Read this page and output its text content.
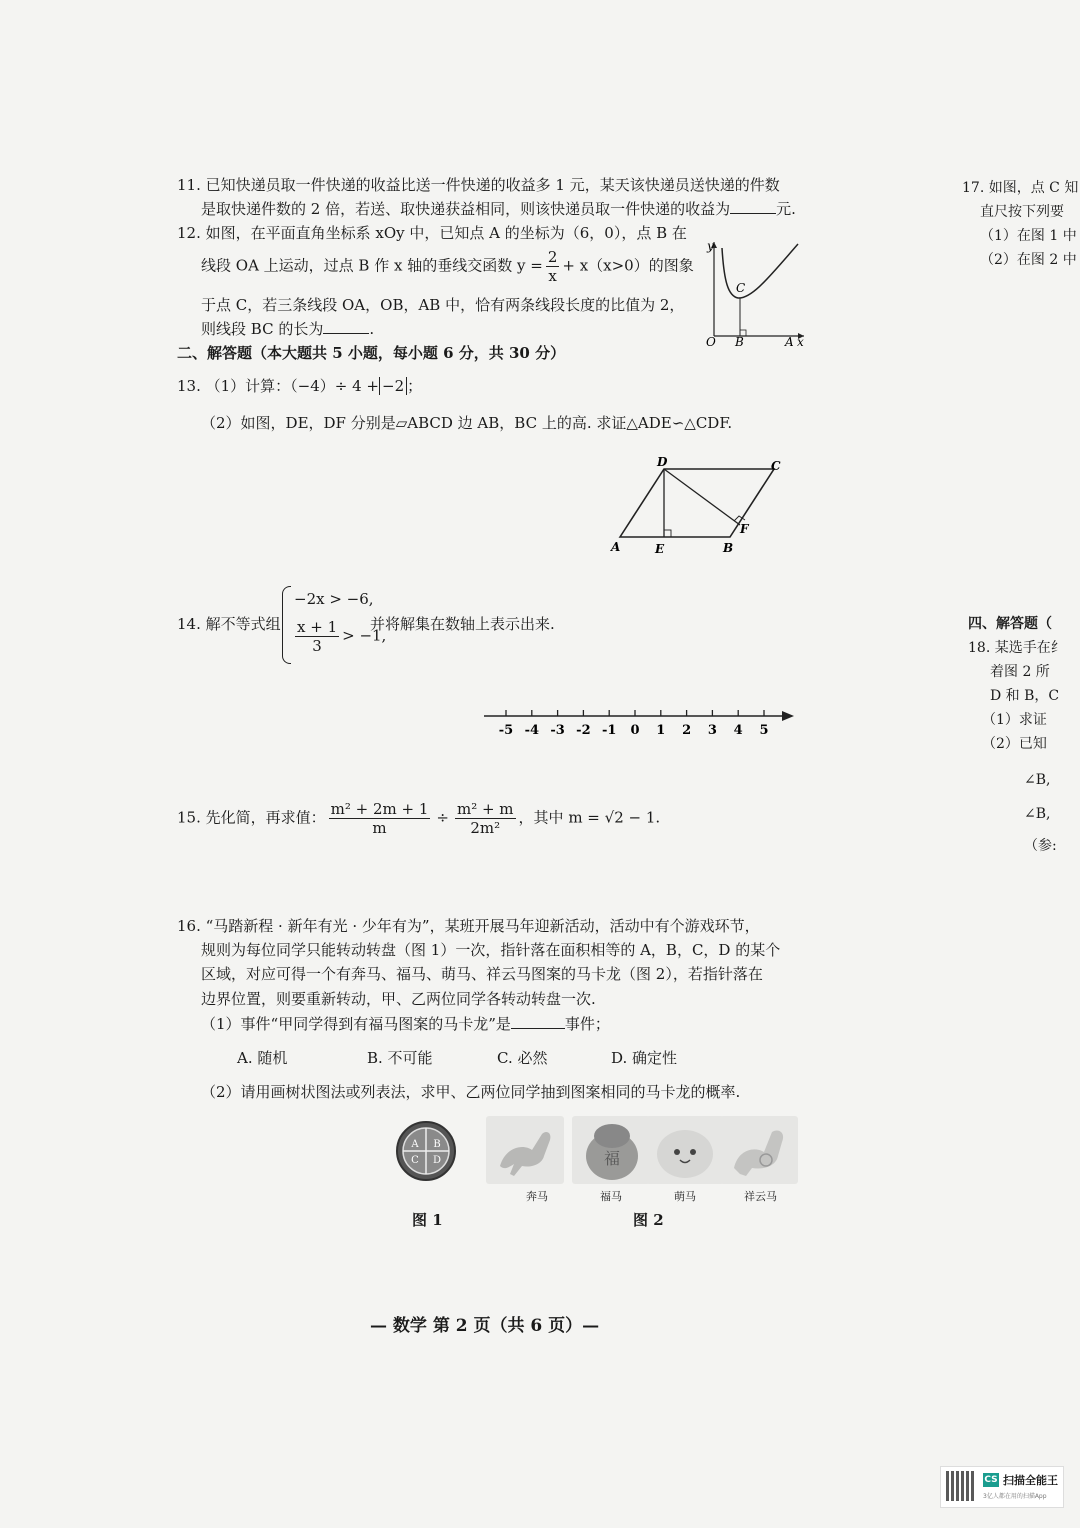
11. 已知快递员取一件快递的收益比送一件快递的收益多 1 元，某天该快递员送快递的件数
是取快递件数的 2 倍，若送、取快递获益相同，则该快递员取一件快递的收益为	元.
12. 如图，在平面直角坐标系 xOy 中，已知点 A 的坐标为（6，0），点 B 在
线段 OA 上运动，过点 B 作 x 轴的垂线交函数 $y = \frac{2}{x} + x(x>0)$的图象
于点 C，若三条线段 OA，OB，AB 中，恰有两条线段长度的比值为 2，
则线段 BC 的长为	.
y
C
O B	A x
二、解答题（本大题共 5 小题，每小题 6 分，共 30 分）
13. （1）计算：（−4）÷ 4 + −2 ；
（2）如图，DE，DF 分别是▱ABCD 边 AB，BC 上的高. 求证△ADE∽△CDF.
D	C
A	E	B
F
14. 解不等式组
−2x > −6,
$\frac{x + 1}{3} > -1$,
并将解集在数轴上表示出来.
-5 -4 -3 -2 -1 0 1 2 3 4 5
15. 先化简，再求值： $\frac{\text{m² + 2m + 1}}{m} \div \frac{\text{m² + m}}{\text{2m²}}$ ，其中 m = √2 − 1.
16. “马踏新程 · 新年有光 · 少年有为”，某班开展马年迎新活动，活动中有个游戏环节，
规则为每位同学只能转动转盘（图 1）一次，指针落在面积相等的 A，B，C，D 的某个
区域，对应可得一个有奔马、福马、萌马、祥云马图案的马卡龙（图 2），若指针落在
边界位置，则要重新转动，甲、乙两位同学各转动转盘一次.
（1）事件“甲同学得到有福马图案的马卡龙”是	事件；
A. 随机	B. 不可能	C. 必然	D. 确定性
（2）请用画树状图法或列表法，求甲、乙两位同学抽到图案相同的马卡龙的概率.
A B
C D	福
奔马	福马	萌马	祥云马
图 1	图 2
— 数学 第 2 页（共 6 页）—
17. 如图，点 C 知
直尺按下列要
（1）在图 1 中
（2）在图 2 中
四、解答题（
18. 某选手在纟
着图 2 所
D 和 B，C
（1）求证
（2）已知
∠B,
∠B,
（参:
CS 扫描全能王
3亿人都在用的扫描App
